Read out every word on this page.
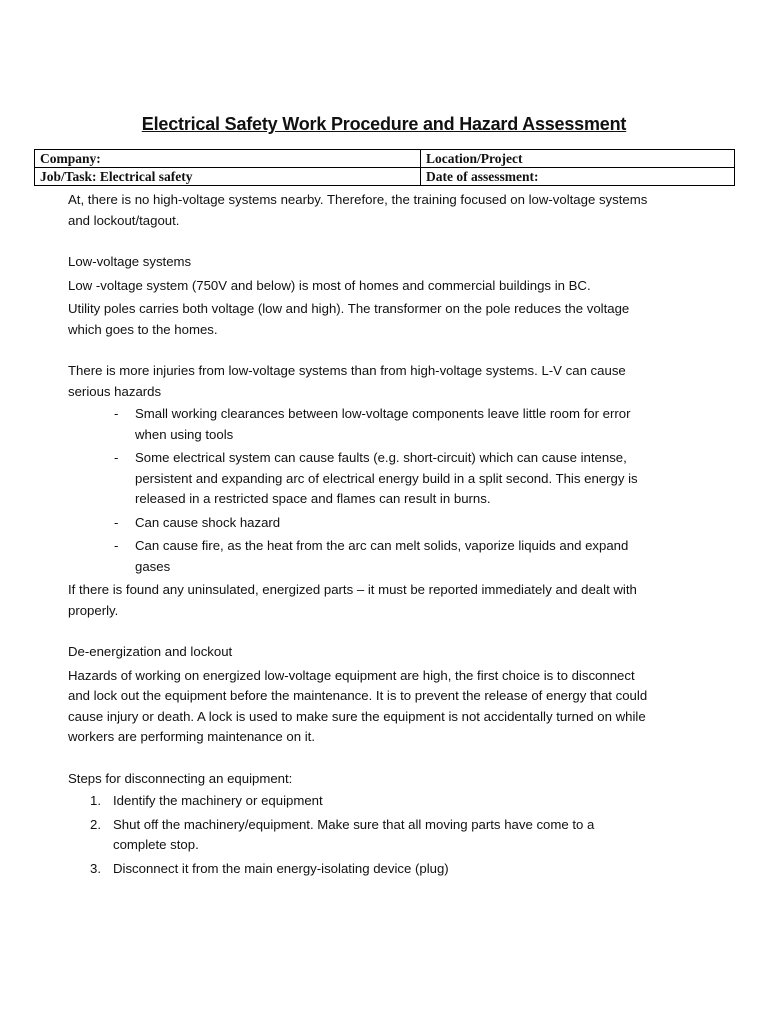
Electrical Safety Work Procedure and Hazard Assessment
Company:	Location/Project
Job/Task: Electrical safety	Date of assessment:

At, there is no high-voltage systems nearby. Therefore, the training focused on low-voltage systems and lockout/tagout.

Low-voltage systems

Low -voltage system (750V and below) is most of homes and commercial buildings in BC.

Utility poles carries both voltage (low and high). The transformer on the pole reduces the voltage which goes to the homes.

There is more injuries from low-voltage systems than from high-voltage systems. L-V can cause serious hazards

- Small working clearances between low-voltage components leave little room for error when using tools
- Some electrical system can cause faults (e.g. short-circuit) which can cause intense, persistent and expanding arc of electrical energy build in a split second. This energy is released in a restricted space and flames can result in burns.
- Can cause shock hazard
- Can cause fire, as the heat from the arc can melt solids, vaporize liquids and expand gases

If there is found any uninsulated, energized parts – it must be reported immediately and dealt with properly.

De-energization and lockout

Hazards of working on energized low-voltage equipment are high, the first choice is to disconnect and lock out the equipment before the maintenance. It is to prevent the release of energy that could cause injury or death. A lock is used to make sure the equipment is not accidentally turned on while workers are performing maintenance on it.

Steps for disconnecting an equipment:

1. Identify the machinery or equipment
2. Shut off the machinery/equipment. Make sure that all moving parts have come to a complete stop.
3. Disconnect it from the main energy-isolating device (plug)
